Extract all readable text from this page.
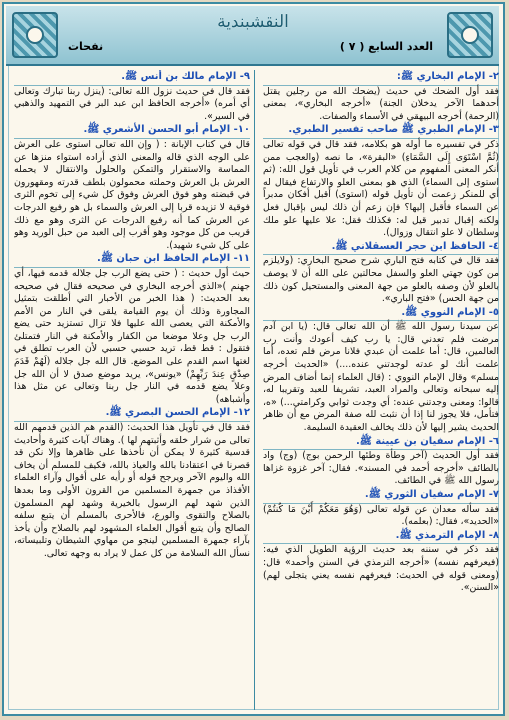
النقشبندية
العدد السابع ( ٧ )
نفحات
٢- الإمام البخاري ﷺ:
فقد أول الضحك في حديث (يضحك الله من رجلين يقتل أحدهما الآخر يدخلان الجنة) «أخرجه البخاري»، بمعنى (الرحمة) أخرجه البيهقي في الأسماء والصفات.
٣- الإمام الطبري ﷺ صاحب تفسير الطبري.
ذكر في تفسيره ما أوله هو بكلامه، فقد قال في قوله تعالى (ثُمَّ اسْتَوَى إِلَى السَّمَاءِ) «البقرة»، ما نصه (والعجب ممن أنكر المعنى المفهوم من كلام العرب في تأويل قول الله: (ثم استوى إلى السماء) الذي هو بمعنى العلو والارتفاع فيقال له أي للمنكر زعمت أن تأويل قوله (استوى) أقبل أفكان مدبراً عن السماء فأقبل إليها؟ فإن زعم أن ذلك ليس بإقبال فعل ولكنه إقبال تدبير قيل له: فكذلك فقل: علا عليها علو ملك وسلطان لا علو انتقال وزوال).
٤- الحافظ ابن حجر العسقلاني ﷺ.
فقد قال في كتابه فتح الباري شرح صحيح البخاري: (ولايلزم من كون جهتي العلو والسفل محالتين على الله أن لا يوصف بالعلو لأن وصفه بالعلو من جهة المعنى والمستحيل كون ذلك من جهة الحس) «فتح الباري».
٥- الإمام النووي ﷺ.
عن سيدنا رسول الله ﷺ أن الله تعالى قال: (يا ابن آدم مرضت فلم تعدني قال: يا رب كيف أعودك وأنت رب العالمين، قال: أما علمت أن عبدي فلانا مرض فلم تعده، أما علمت أنك لو عدته لوجدتني عنده....) «الحديث أخرجه مسلم» وقال الإمام النووي : (قال العلماء إنما أضاف المرض إليه سبحانه وتعالى والمراد العبد، تشريفا للعبد وتقريبا له، قالوا: ومعنى وجدتني عنده: أي وجدت ثوابي وكرامتي...) «ه، فتأمل، فلا يجوز لنا إذا أن نثبت لله صفة المرض مع أن ظاهر الحديث يشير إليها لأن ذلك يخالف العقيدة السليمة.
٦- الإمام سفيان بن عيينة ﷺ.
فقد أول الحديث (آخر وطأة وطئها الرحمن بوج) (وج) واد بالطائف «أخرجه أحمد في المسند». فقال: آخر غزوة غزاها رسول الله ﷺ في الطائف.
٧- الإمام سفيان الثوري ﷺ.
فقد سأله معدان عن قوله تعالى (وَهُوَ مَعَكُمْ أَيْنَ مَا كُنتُمْ) «الحديد»، فقال: (بعلمه).
٨- الإمام الترمذي ﷺ.
فقد ذكر في سننه بعد حديث الرؤية الطويل الذي فيه: (فيعرفهم نفسه) «أخرجه الترمذي في السنن وأحمد» قال: (ومعنى قوله في الحديث: فيعرفهم نفسه يعني يتجلى لهم) «السنن».
٩- الإمام مالك بن أنس ﷺ.
فقد قال في حديث نزول الله تعالى: (ينزل ربنا تبارك وتعالى أي أمره) «أخرجه الحافظ ابن عبد البر في التمهيد والذهبي في السير».
١٠- الإمام أبو الحسن الأشعري ﷺ.
قال في كتاب الإبانة : ( وإن الله تعالى استوى على العرش على الوجه الذي قاله والمعنى الذي أراده استواء منزها عن المماسة والاستقرار والتمكن والحلول والانتقال لا يحمله العرش بل العرش وحملته محمولون بلطف قدرته ومقهورون في قبضته وهو فوق العرش وفوق كل شيء إلى تخوم الثرى فوقية لا تزيده قربا إلى العرش والسماء بل هو رفيع الدرجات عن العرش كما أنه رفيع الدرجات عن الثرى وهو مع ذلك قريب من كل موجود وهو أقرب إلى العبد من حبل الوريد وهو على كل شيء شهيد).
١١- الإمام الحافظ ابن حبان ﷺ.
حيث أول حديث : ( حتى يضع الرب جل جلاله قدمه فيها، أي جهنم )«الذي أخرجه البخاري في صحيحه فقال في صحيحه بعد الحديث: ( هذا الخبر من الأخبار التي أطلقت بتمثيل المجاورة وذلك أن يوم القيامة يلقى في النار من الأمم والأمكنة التي يعصى الله عليها فلا تزال تستزيد حتى يضع الرب جل وعلا موضعا من الكفار والأمكنة في النار فتمتلئ فتقول : قط قط، تريد حسبي حسبي لأن العرب تطلق في لغتها اسم القدم على الموضع. قال الله جل جلاله (لَهُمْ قَدَمَ صِدْقٍ عِندَ رَبِّهِمْ) «يونس»، يريد موضع صدق لا أن الله جل وعلا يضع قدمه في النار جل ربنا وتعالى عن مثل هذا وأشباهه)
١٢- الإمام الحسن البصري ﷺ.
فقد قال في تأويل هذا الحديث: (القدم هم الذين قدمهم الله تعالى من شرار خلقه وأثبتهم لها ). وهناك آيات كثيرة وأحاديث قدسية كثيرة لا يمكن أن نأخذها على ظاهرها وإلا نكن قد قصرنا في اعتقادنا بالله والعياذ بالله، فكيف للمسلم أن يخاف الله واليوم الآخر ويرجح قوله أو رأيه على أقوال وآراء العلماء الأفذاذ من جمهرة المسلمين من القرون الأولى وما بعدها الذين شهد لهم الرسول بالخيرية وشهد لهم المسلمون بالصلاح والتقوى والورع، فالأحرى بالمسلم أن يتبع سلفه الصالح وأن يتبع أقوال العلماء المشهود لهم بالصلاح وأن يأخذ بآراء جمهرة المسلمين لينجو من مهاوي الشيطان وتلبيساته، نسأل الله السلامة من كل عمل لا يراد به وجهه تعالى.
